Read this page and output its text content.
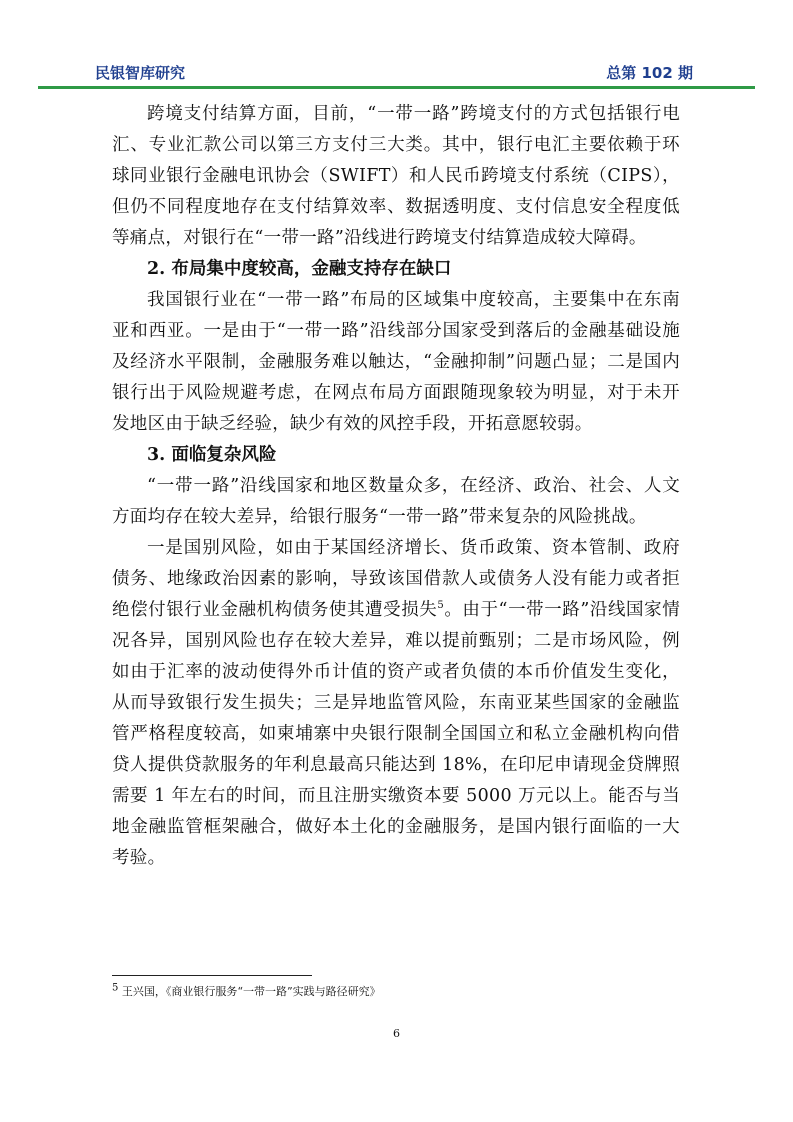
民银智库研究	总第 102 期

跨境支付结算方面，目前，“一带一路”跨境支付的方式包括银行电汇、专业汇款公司以第三方支付三大类。其中，银行电汇主要依赖于环球同业银行金融电讯协会（SWIFT）和人民币跨境支付系统（CIPS），但仍不同程度地存在支付结算效率、数据透明度、支付信息安全程度低等痛点，对银行在“一带一路”沿线进行跨境支付结算造成较大障碍。

2. 布局集中度较高，金融支持存在缺口

我国银行业在“一带一路”布局的区域集中度较高，主要集中在东南亚和西亚。一是由于“一带一路”沿线部分国家受到落后的金融基础设施及经济水平限制，金融服务难以触达，“金融抑制”问题凸显；二是国内银行出于风险规避考虑，在网点布局方面跟随现象较为明显，对于未开发地区由于缺乏经验，缺少有效的风控手段，开拓意愿较弱。

3. 面临复杂风险

“一带一路”沿线国家和地区数量众多，在经济、政治、社会、人文方面均存在较大差异，给银行服务“一带一路”带来复杂的风险挑战。

一是国别风险，如由于某国经济增长、货币政策、资本管制、政府债务、地缘政治因素的影响，导致该国借款人或债务人没有能力或者拒绝偿付银行业金融机构债务使其遭受损失$^5$。由于“一带一路”沿线国家情况各异，国别风险也存在较大差异，难以提前甄别；二是市场风险，例如由于汇率的波动使得外币计值的资产或者负债的本币价值发生变化，从而导致银行发生损失；三是异地监管风险，东南亚某些国家的金融监管严格程度较高，如柬埔寨中央银行限制全国国立和私立金融机构向借贷人提供贷款服务的年利息最高只能达到 18%，在印尼申请现金贷牌照需要 1 年左右的时间，而且注册实缴资本要 5000 万元以上。能否与当地金融监管框架融合，做好本土化的金融服务，是国内银行面临的一大考验。

$^5$ 王兴国，《商业银行服务“一带一路”实践与路径研究》
6
